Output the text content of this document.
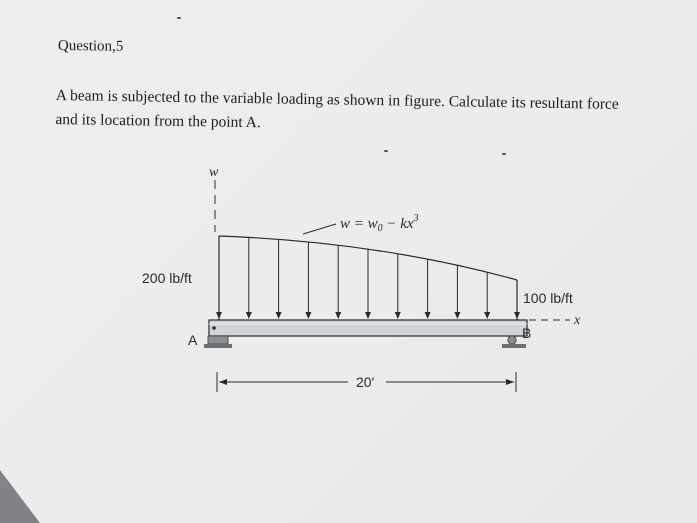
Question,5
A beam is subjected to the variable loading as shown in figure. Calculate its resultant force
and its location from the point A.
w
$w = w_0 - kx^3$
A	B
200 lb/ft
100 lb/ft
x
20′
